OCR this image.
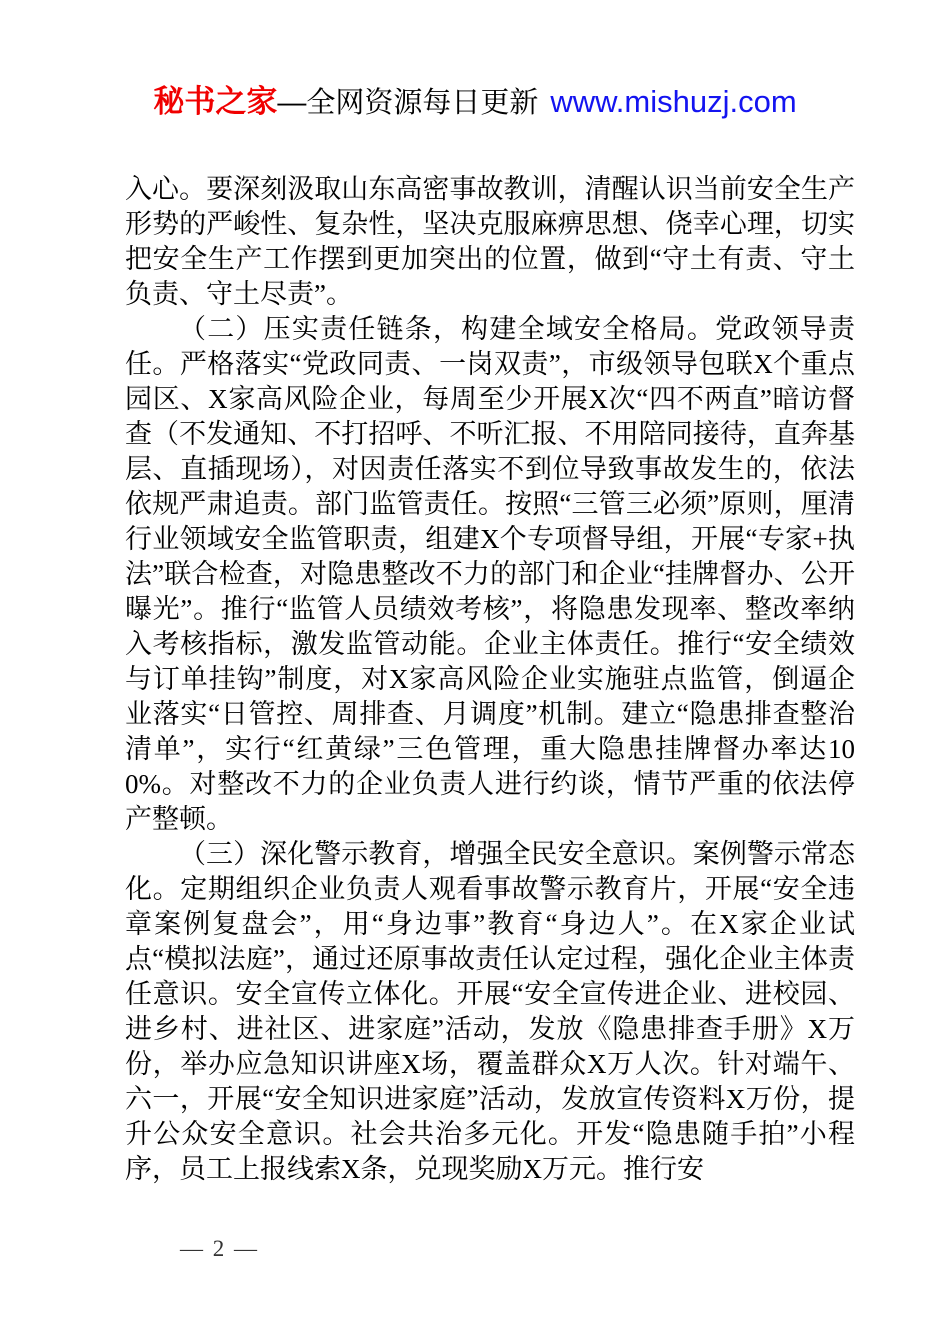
秘书之家 —全网资源每日更新 www.mishuzj.com

入心。要深刻汲取山东高密事故教训，清醒认识当前安全生产形势的严峻性、复杂性，坚决克服麻痹思想、侥幸心理，切实把安全生产工作摆到更加突出的位置，做到“守土有责、守土负责、守土尽责”。

（二）压实责任链条，构建全域安全格局。党政领导责任。严格落实“党政同责、一岗双责”，市级领导包联X个重点园区、X家高风险企业，每周至少开展X次“四不两直”暗访督查（不发通知、不打招呼、不听汇报、不用陪同接待，直奔基层、直插现场），对因责任落实不到位导致事故发生的，依法依规严肃追责。部门监管责任。按照“三管三必须”原则，厘清行业领域安全监管职责，组建X个专项督导组，开展“专家+执法”联合检查，对隐患整改不力的部门和企业“挂牌督办、公开曝光”。推行“监管人员绩效考核”，将隐患发现率、整改率纳入考核指标，激发监管动能。企业主体责任。推行“安全绩效与订单挂钩”制度，对X家高风险企业实施驻点监管，倒逼企业落实“日管控、周排查、月调度”机制。建立“隐患排查整治清单”，实行“红黄绿”三色管理，重大隐患挂牌督办率达100%。对整改不力的企业负责人进行约谈，情节严重的依法停产整顿。

（三）深化警示教育，增强全民安全意识。案例警示常态化。定期组织企业负责人观看事故警示教育片，开展“安全违章案例复盘会”，用“身边事”教育“身边人”。在X家企业试点“模拟法庭”，通过还原事故责任认定过程，强化企业主体责任意识。安全宣传立体化。开展“安全宣传进企业、进校园、进乡村、进社区、进家庭”活动，发放《隐患排查手册》X万份，举办应急知识讲座X场，覆盖群众X万人次。针对端午、六一，开展“安全知识进家庭”活动，发放宣传资料X万份，提升公众安全意识。社会共治多元化。开发“隐患随手拍”小程序，员工上报线索X条，兑现奖励X万元。推行安

— 2 —
